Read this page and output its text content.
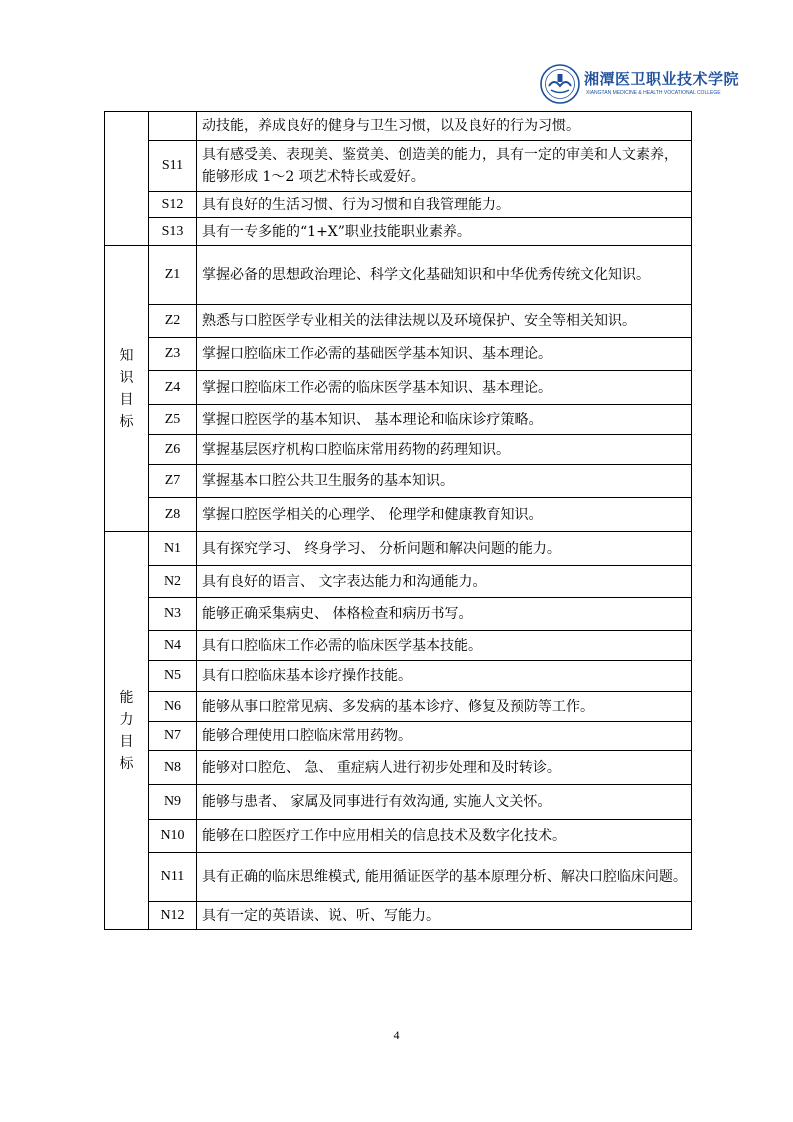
湘潭医卫职业技术学院
XIANGTAN MEDICINE & HEALTH VOCATIONAL COLLEGE
		动技能，养成良好的健身与卫生习惯，以及良好的行为习惯。
	S11	具有感受美、表现美、鉴赏美、创造美的能力，具有一定的审美和人文素养，能够形成 1～2 项艺术特长或爱好。
	S12	具有良好的生活习惯、行为习惯和自我管理能力。
	S13	具有一专多能的“1+X”职业技能职业素养。

知
识
目
标	Z1	掌握必备的思想政治理论、科学文化基础知识和中华优秀传统文化知识。
	Z2	熟悉与口腔医学专业相关的法律法规以及环境保护、安全等相关知识。
	Z3	掌握口腔临床工作必需的基础医学基本知识、基本理论。
	Z4	掌握口腔临床工作必需的临床医学基本知识、基本理论。
	Z5	掌握口腔医学的基本知识、 基本理论和临床诊疗策略。
	Z6	掌握基层医疗机构口腔临床常用药物的药理知识。
	Z7	掌握基本口腔公共卫生服务的基本知识。
	Z8	掌握口腔医学相关的心理学、 伦理学和健康教育知识。

能
力
目
标	N1	具有探究学习、 终身学习、 分析问题和解决问题的能力。
	N2	具有良好的语言、 文字表达能力和沟通能力。
	N3	能够正确采集病史、 体格检查和病历书写。
	N4	具有口腔临床工作必需的临床医学基本技能。
	N5	具有口腔临床基本诊疗操作技能。
	N6	能够从事口腔常见病、多发病的基本诊疗、修复及预防等工作。
	N7	能够合理使用口腔临床常用药物。
	N8	能够对口腔危、 急、 重症病人进行初步处理和及时转诊。
	N9	能够与患者、 家属及同事进行有效沟通, 实施人文关怀。
	N10	能够在口腔医疗工作中应用相关的信息技术及数字化技术。
	N11	具有正确的临床思维模式, 能用循证医学的基本原理分析、解决口腔临床问题。
	N12	具有一定的英语读、说、听、写能力。
4
